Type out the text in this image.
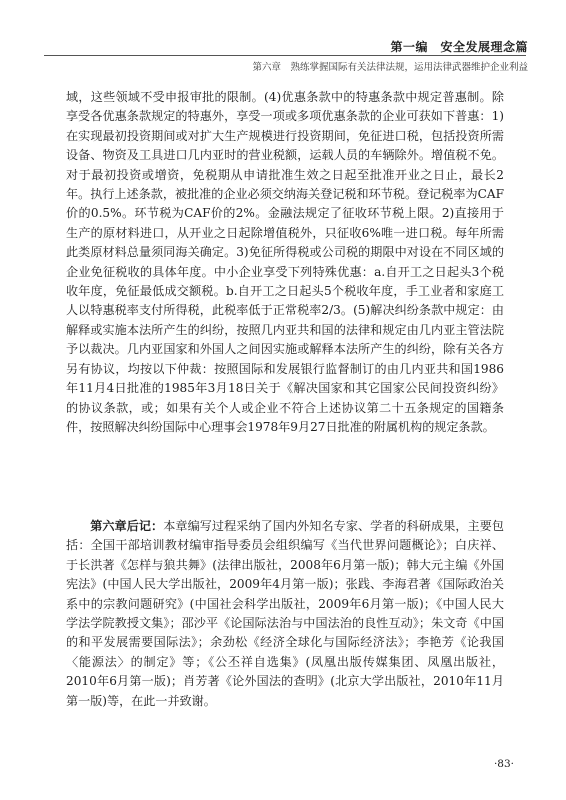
第一编　安全发展理念篇
第六章　熟练掌握国际有关法律法规，运用法律武器维护企业利益

域，这些领域不受申报审批的限制。(4)优惠条款中的特惠条款中规定普惠制。除享受各优惠条款规定的特惠外，享受一项或多项优惠条款的企业可获如下普惠：1)在实现最初投资期间或对扩大生产规模进行投资期间，免征进口税，包括投资所需设备、物资及工具进口几内亚时的营业税额，运载人员的车辆除外。增值税不免。对于最初投资或增资，免税期从申请批准生效之日起至批准开业之日止，最长2年。执行上述条款，被批准的企业必须交纳海关登记税和环节税。登记税率为CAF价的0.5%。环节税为CAF价的2%。金融法规定了征收环节税上限。2)直接用于生产的原材料进口，从开业之日起除增值税外，只征收6%唯一进口税。每年所需此类原材料总量须同海关确定。3)免征所得税或公司税的期限中对设在不同区域的企业免征税收的具体年度。中小企业享受下列特殊优惠：a.自开工之日起头3个税收年度，免征最低成交额税。b.自开工之日起头5个税收年度，手工业者和家庭工人以特惠税率支付所得税，此税率低于正常税率2/3。(5)解决纠纷条款中规定：由解释或实施本法所产生的纠纷，按照几内亚共和国的法律和规定由几内亚主管法院予以裁决。几内亚国家和外国人之间因实施或解释本法所产生的纠纷，除有关各方另有协议，均按以下仲裁：按照国际和发展银行监督制订的由几内亚共和国1986年11月4日批准的1985年3月18日关于《解决国家和其它国家公民间投资纠纷》的协议条款，或；如果有关个人或企业不符合上述协议第二十五条规定的国籍条件，按照解决纠纷国际中心理事会1978年9月27日批准的附属机构的规定条款。

第六章后记：本章编写过程采纳了国内外知名专家、学者的科研成果，主要包括：全国干部培训教材编审指导委员会组织编写《当代世界问题概论》；白庆祥、于长洪著《怎样与狼共舞》(法律出版社，2008年6月第一版)；韩大元主编《外国宪法》(中国人民大学出版社，2009年4月第一版)；张践、李海君著《国际政治关系中的宗教问题研究》(中国社会科学出版社，2009年6月第一版)；《中国人民大学法学院教授文集》；邵沙平《论国际法治与中国法治的良性互动》；朱文奇《中国的和平发展需要国际法》；余劲松《经济全球化与国际经济法》；李艳芳《论我国〈能源法〉的制定》等；《公丕祥自选集》(凤凰出版传媒集团、凤凰出版社，2010年6月第一版)；肖芳著《论外国法的查明》(北京大学出版社，2010年11月第一版)等，在此一并致谢。

·83·
